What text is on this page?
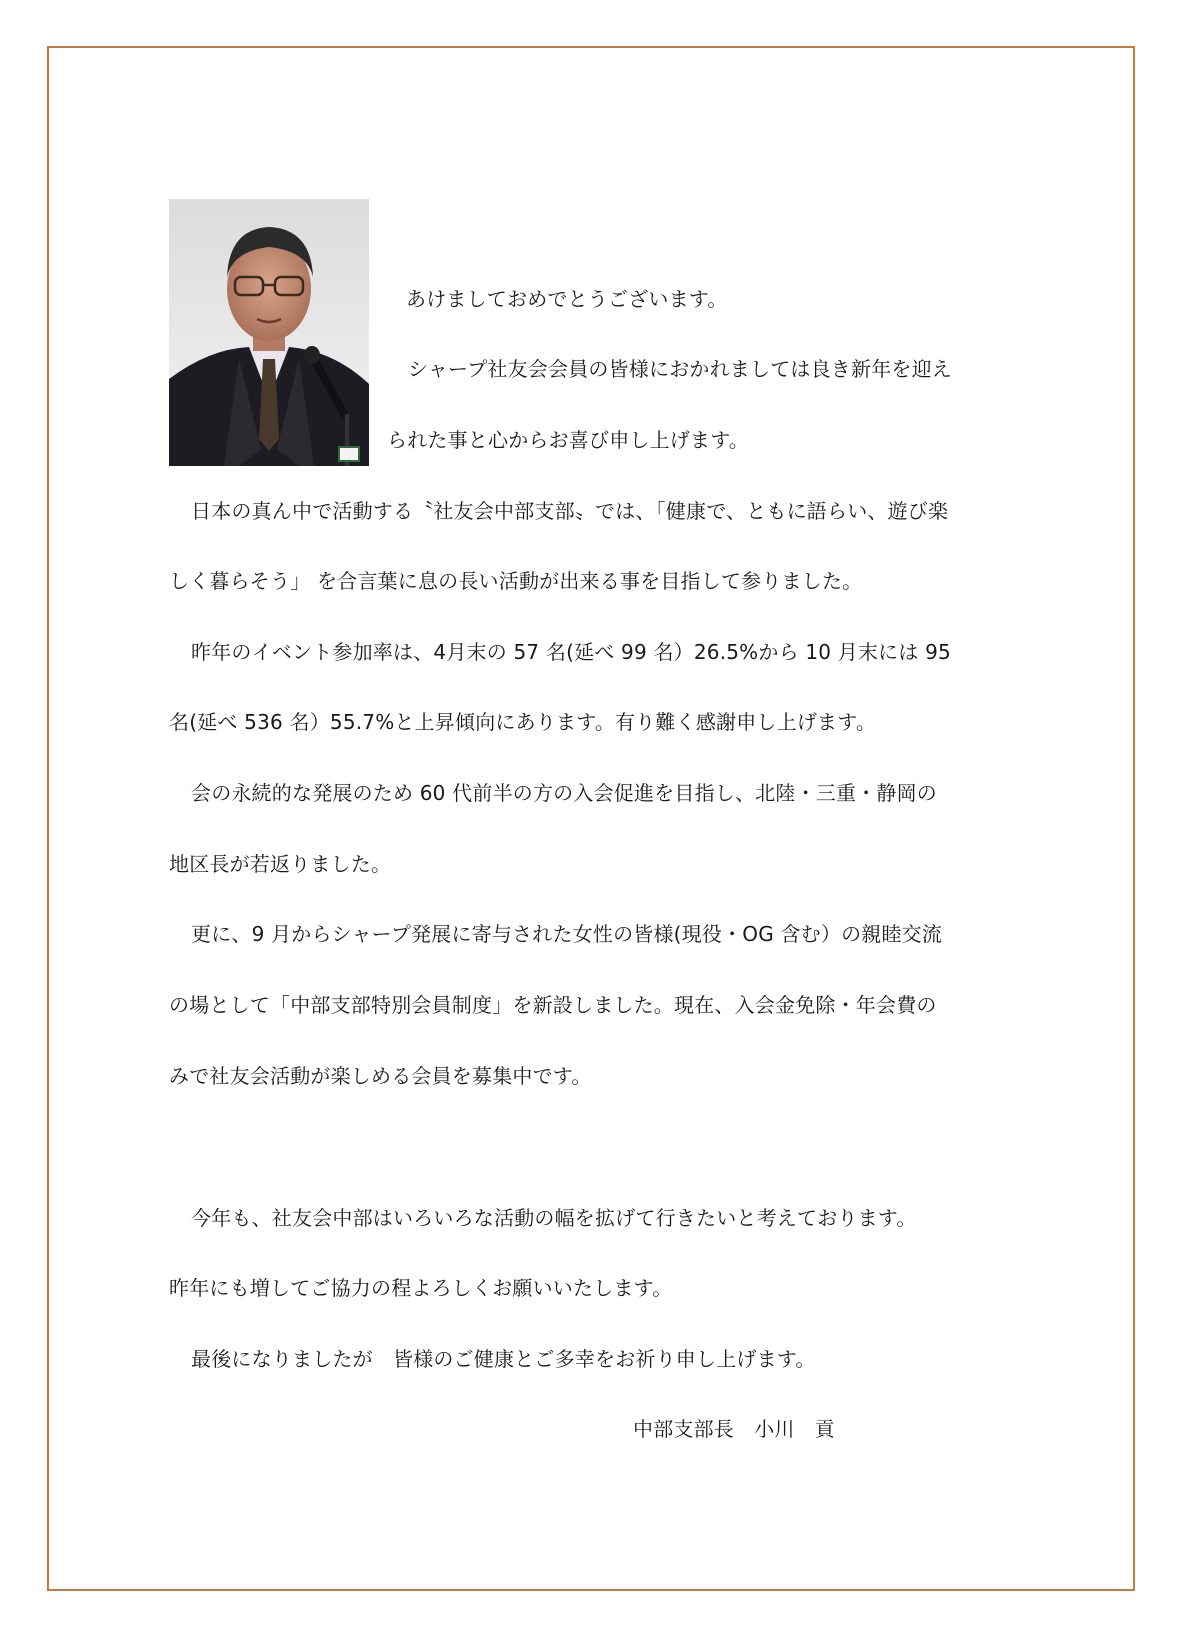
あけましておめでとうございます。
シャープ社友会会員の皆様におかれましては良き新年を迎え
られた事と心からお喜び申し上げます。
日本の真ん中で活動する〝社友会中部支部〟では、「健康で、ともに語らい、遊び楽
しく暮らそう」 を合言葉に息の長い活動が出来る事を目指して参りました。
昨年のイベント参加率は、4月末の 57 名(延べ 99 名）26.5%から 10 月末には 95
名(延べ 536 名）55.7%と上昇傾向にあります。有り難く感謝申し上げます。
会の永続的な発展のため 60 代前半の方の入会促進を目指し、北陸・三重・静岡の
地区長が若返りました。
更に、9 月からシャープ発展に寄与された女性の皆様(現役・OG 含む）の親睦交流
の場として「中部支部特別会員制度」を新設しました。現在、入会金免除・年会費の
みで社友会活動が楽しめる会員を募集中です。
今年も、社友会中部はいろいろな活動の幅を拡げて行きたいと考えております。
昨年にも増してご協力の程よろしくお願いいたします。
最後になりましたが　皆様のご健康とご多幸をお祈り申し上げます。
中部支部長　小川　貢
